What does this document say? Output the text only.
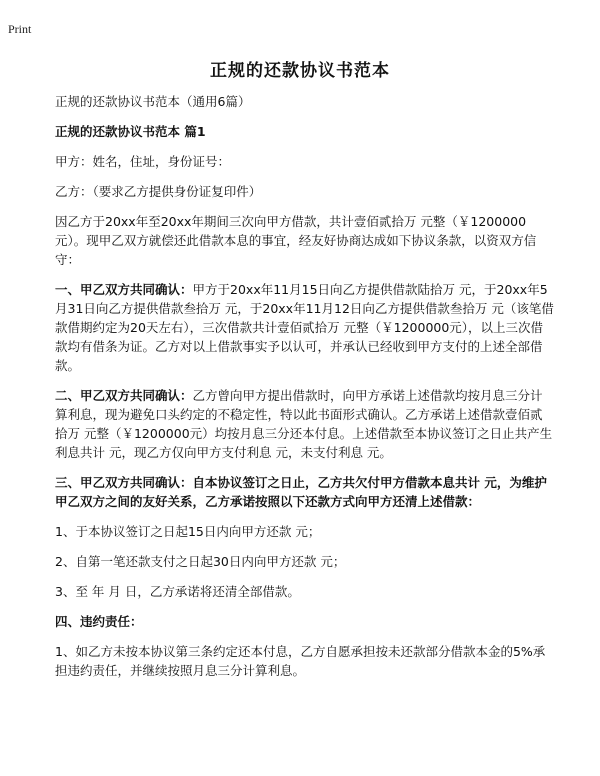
Print
正规的还款协议书范本

正规的还款协议书范本（通用6篇）

正规的还款协议书范本 篇1

甲方：姓名，住址，身份证号：

乙方：（要求乙方提供身份证复印件）

因乙方于20xx年至20xx年期间三次向甲方借款，共计壹佰贰拾万 元整（￥1200000元）。现甲乙双方就偿还此借款本息的事宜，经友好协商达成如下协议条款，以资双方信守：

一、甲乙双方共同确认：甲方于20xx年11月15日向乙方提供借款陆拾万 元，于20xx年5月31日向乙方提供借款叁拾万 元，于20xx年11月12日向乙方提供借款叁拾万 元（该笔借款借期约定为20天左右），三次借款共计壹佰贰拾万 元整（￥1200000元），以上三次借款均有借条为证。乙方对以上借款事实予以认可，并承认已经收到甲方支付的上述全部借款。

二、甲乙双方共同确认：乙方曾向甲方提出借款时，向甲方承诺上述借款均按月息三分计算利息，现为避免口头约定的不稳定性，特以此书面形式确认。乙方承诺上述借款壹佰贰拾万 元整（￥1200000元）均按月息三分还本付息。上述借款至本协议签订之日止共产生利息共计 元，现乙方仅向甲方支付利息 元，未支付利息 元。

三、甲乙双方共同确认：自本协议签订之日止，乙方共欠付甲方借款本息共计 元，为维护甲乙双方之间的友好关系，乙方承诺按照以下还款方式向甲方还清上述借款：

1、于本协议签订之日起15日内向甲方还款 元；

2、自第一笔还款支付之日起30日内向甲方还款 元；

3、至 年 月 日，乙方承诺将还清全部借款。

四、违约责任：

1、如乙方未按本协议第三条约定还本付息，乙方自愿承担按未还款部分借款本金的5%承担违约责任，并继续按照月息三分计算利息。
